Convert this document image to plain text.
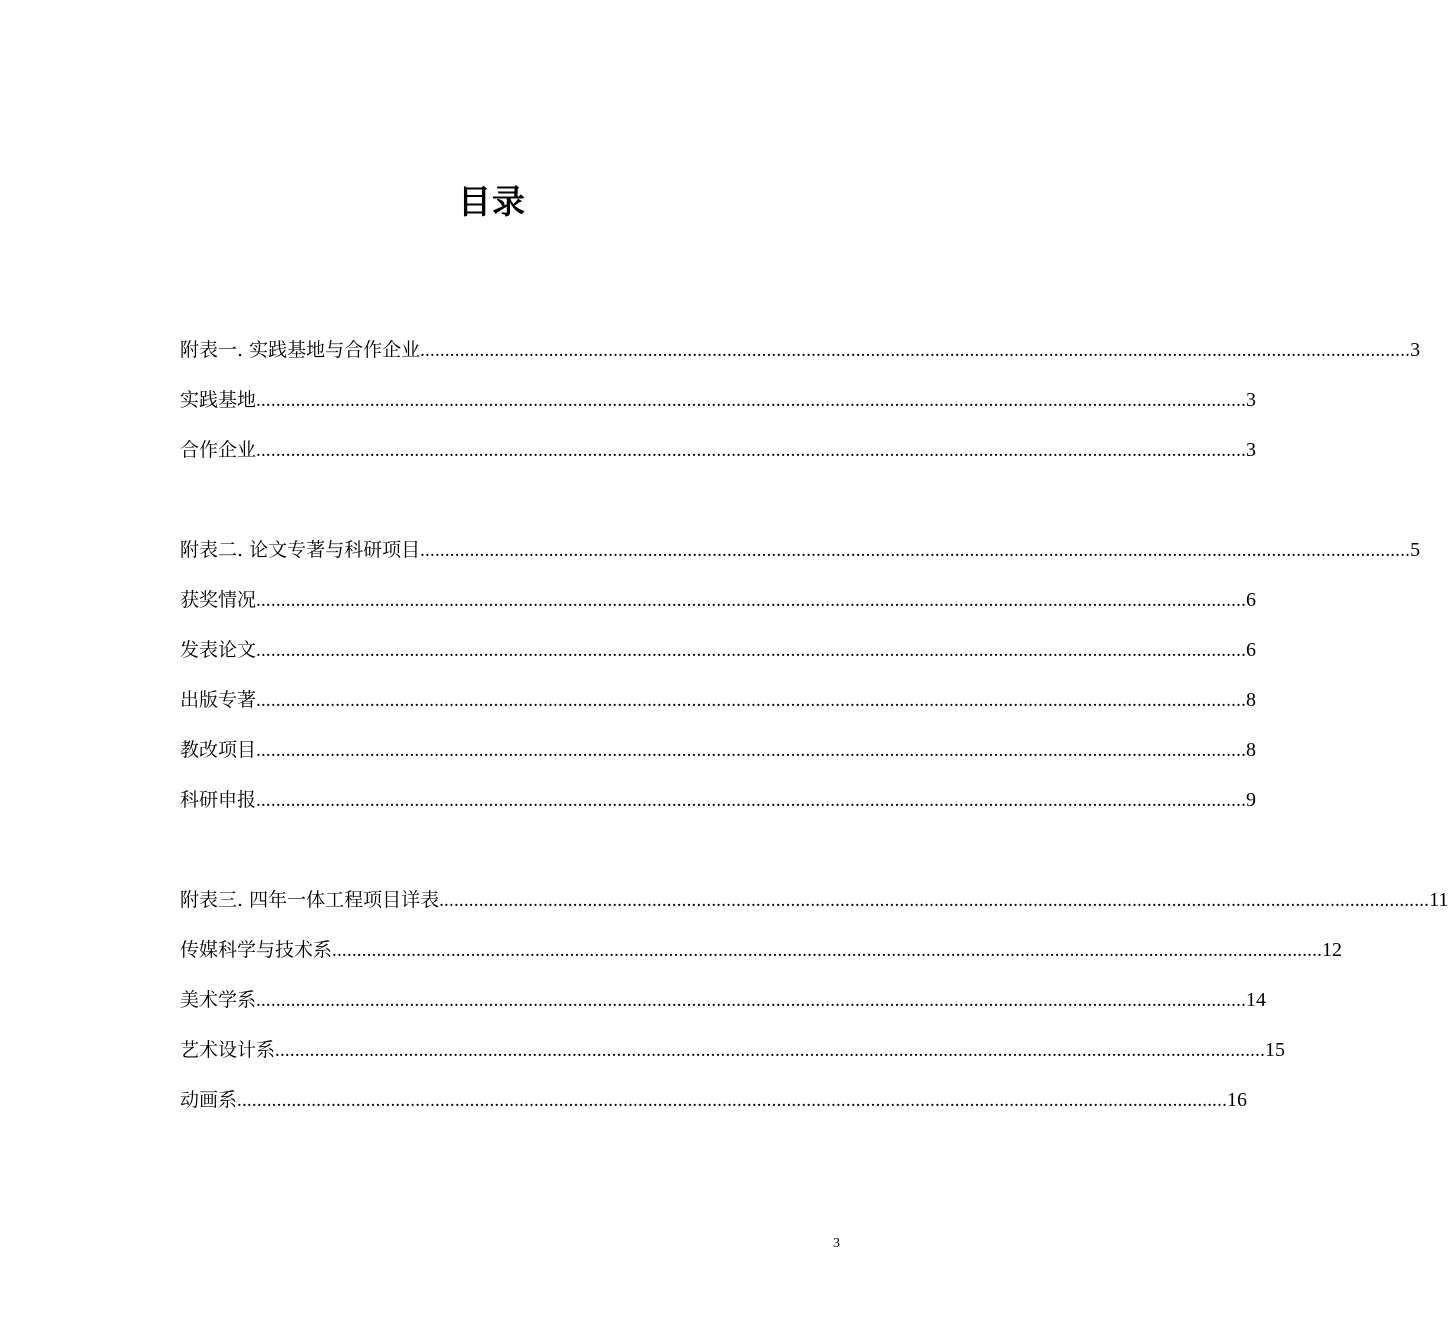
目录
附表一. 实践基地与合作企业 ........................................................................................................................................................................................................ 3
实践基地 ........................................................................................................................................................................................................ 3
合作企业 ........................................................................................................................................................................................................ 3
附表二. 论文专著与科研项目 ........................................................................................................................................................................................................ 5
获奖情况 ........................................................................................................................................................................................................ 6
发表论文 ........................................................................................................................................................................................................ 6
出版专著 ........................................................................................................................................................................................................ 8
教改项目 ........................................................................................................................................................................................................ 8
科研申报 ........................................................................................................................................................................................................ 9
附表三. 四年一体工程项目详表 ........................................................................................................................................................................................................ 11
传媒科学与技术系 ........................................................................................................................................................................................................ 12
美术学系 ........................................................................................................................................................................................................ 14
艺术设计系 ........................................................................................................................................................................................................ 15
动画系 ........................................................................................................................................................................................................ 16
3
